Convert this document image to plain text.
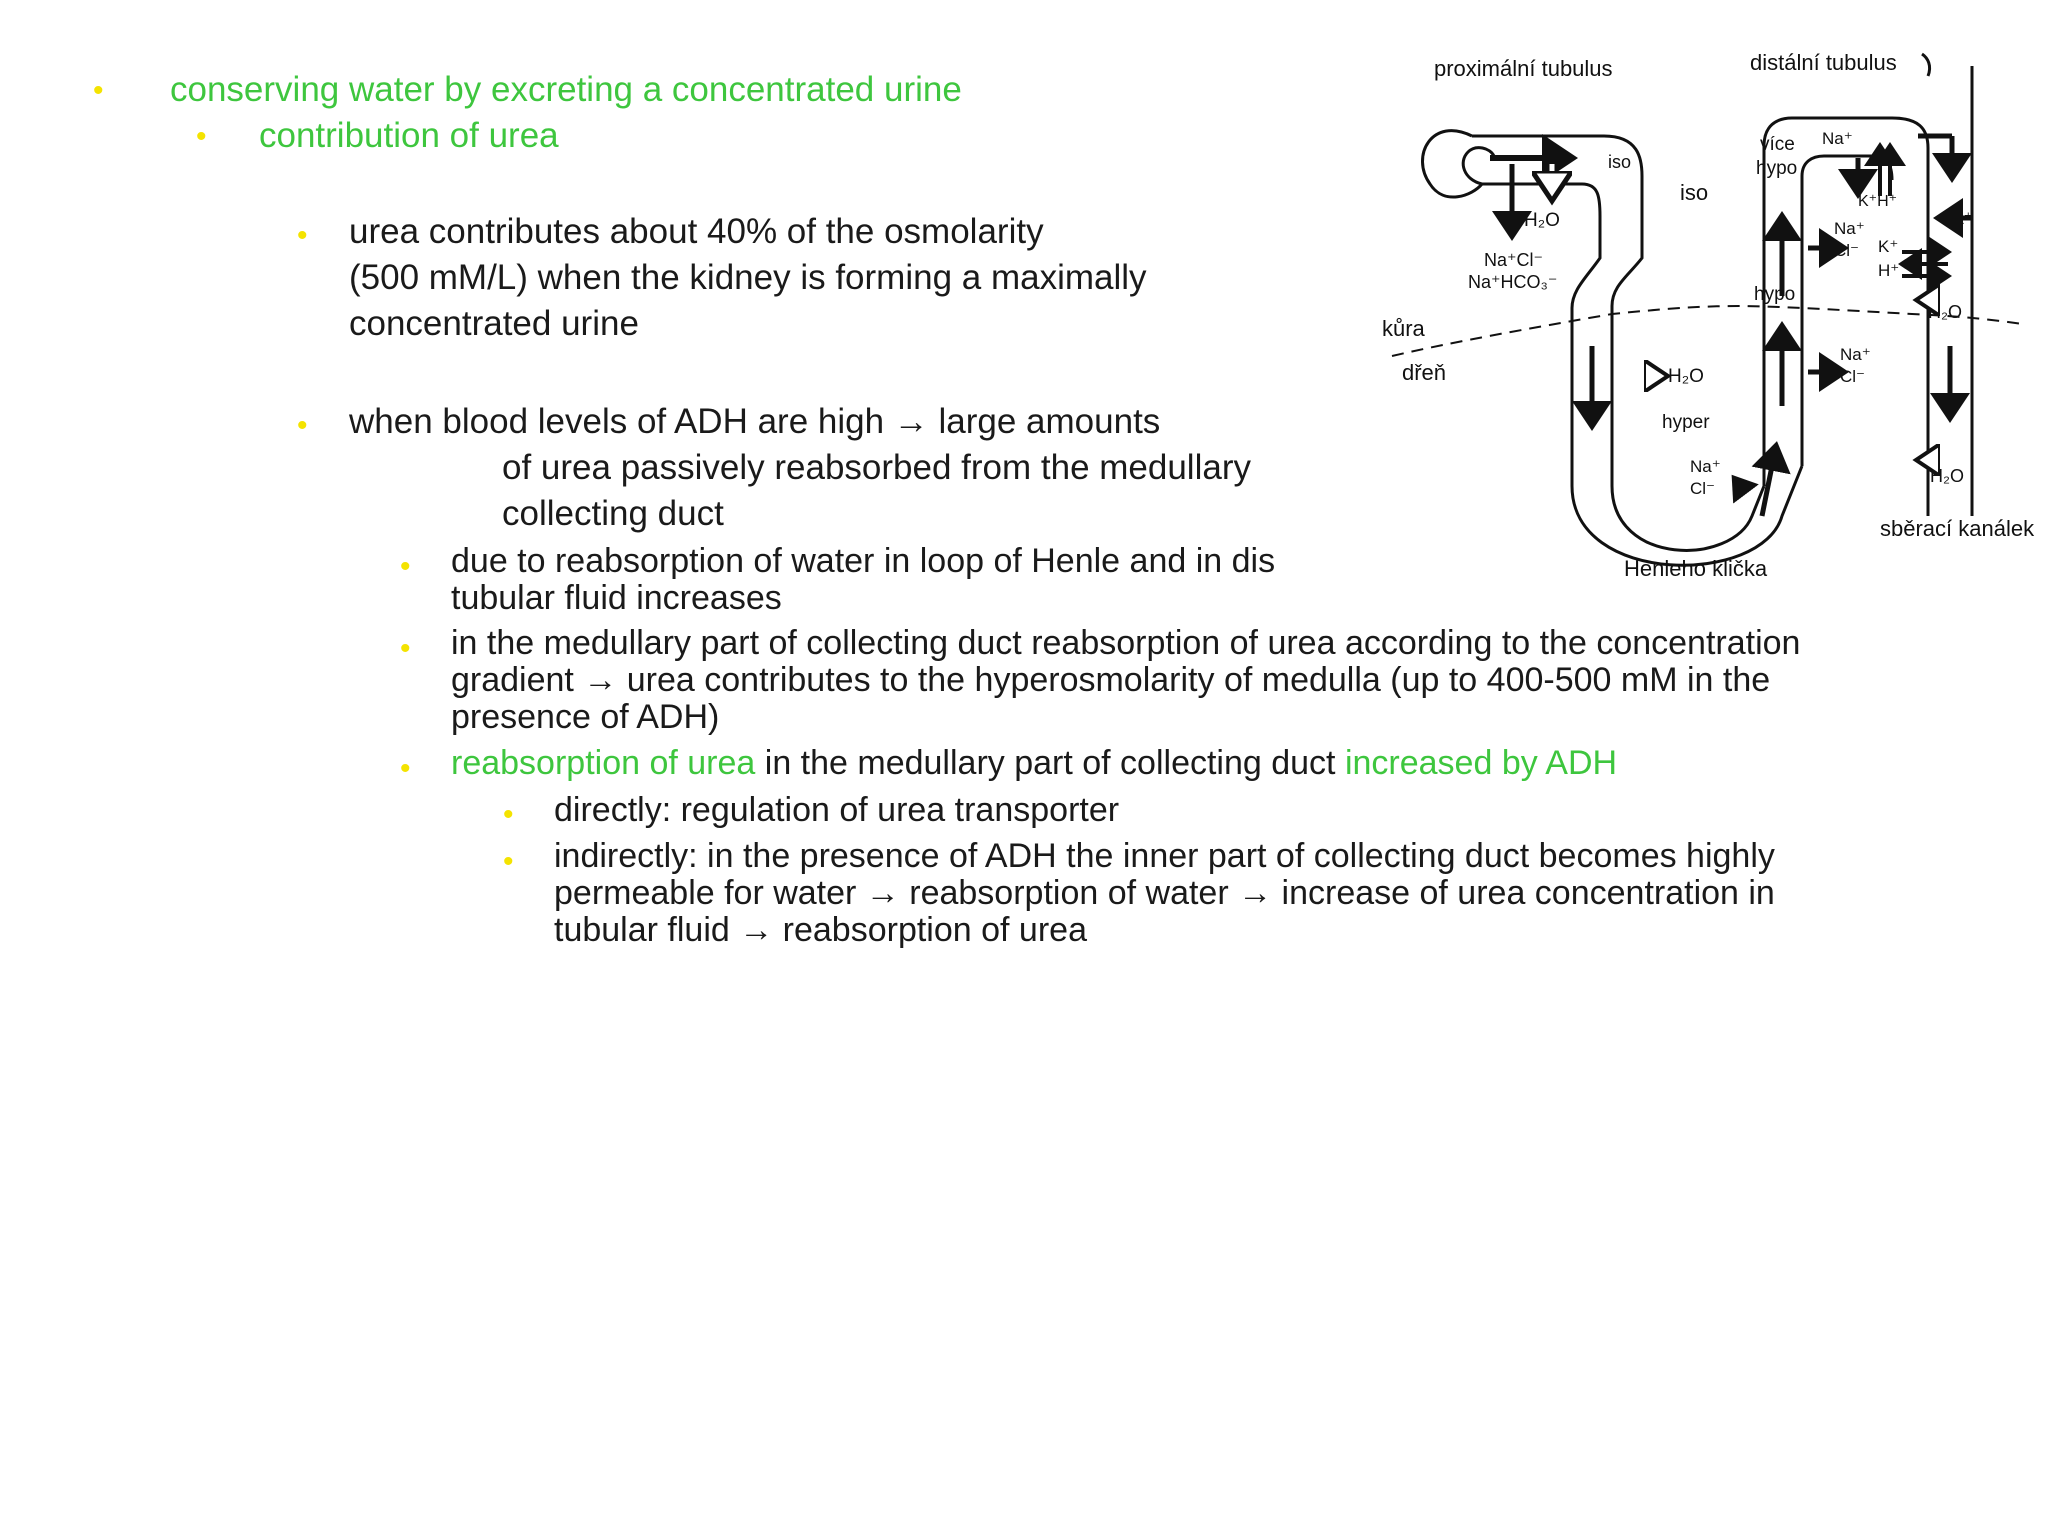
• conserving water by excreting a concentrated urine
• contribution of urea
• urea contributes about 40% of the osmolarity
(500 mM/L) when the kidney is forming a maximally
concentrated urine
• when blood levels of ADH are high → large amounts
of urea passively reabsorbed from the medullary
collecting duct
• due to reabsorption of water in loop of Henle and in dis
tubular fluid increases
• in the medullary part of collecting duct reabsorption of urea according to the concentration
gradient → urea contributes to the hyperosmolarity of medulla (up to 400-500 mM in the
presence of ADH)
• reabsorption of urea in the medullary part of collecting duct increased by ADH
• directly: regulation of urea transporter
• indirectly: in the presence of ADH the inner part of collecting duct becomes highly
permeable for water → reabsorption of water → increase of urea concentration in
tubular fluid → reabsorption of urea
proximální tubulus	distální tubulus
iso
iso
více
hypo
hypo
hyper
kůra
dřeň
Henleho klička
sběrací kanálek
H₂O
Na⁺Cl⁻
Na⁺HCO₃⁻
H₂O
Na⁺
Cl⁻
Na⁺
K⁺H⁺
Na⁺
Cl⁻
Na⁺
K⁺
H⁺
H₂O
Na⁺
Cl⁻
H₂O
